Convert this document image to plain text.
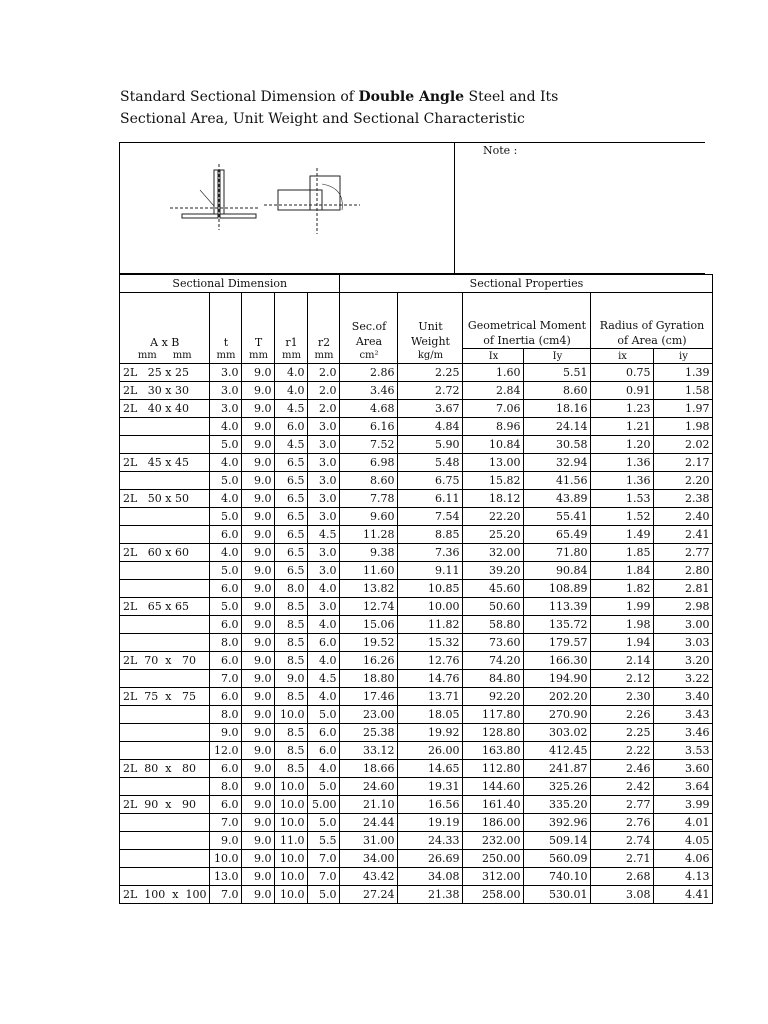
Standard Sectional Dimension of Double Angle Steel and Its
Sectional Area, Unit Weight and Sectional Characteristic
Note :
Sectional Dimension					Sectional Properties					
A x B	t	T	r1	r2	Sec.of Area	Unit Weight	Geometrical Moment of Inertia (cm4)		Radius of Gyration of Area (cm)	
mm mm	mm	mm	mm	mm	cm²	kg/m	Ix	Iy	ix	iy
2L   25 x 25	3.0	9.0	4.0	2.0	2.86	2.25	1.60	5.51	0.75	1.39
2L   30 x 30	3.0	9.0	4.0	2.0	3.46	2.72	2.84	8.60	0.91	1.58
2L   40 x 40	3.0	9.0	4.5	2.0	4.68	3.67	7.06	18.16	1.23	1.97
	4.0	9.0	6.0	3.0	6.16	4.84	8.96	24.14	1.21	1.98
	5.0	9.0	4.5	3.0	7.52	5.90	10.84	30.58	1.20	2.02
2L   45 x 45	4.0	9.0	6.5	3.0	6.98	5.48	13.00	32.94	1.36	2.17
	5.0	9.0	6.5	3.0	8.60	6.75	15.82	41.56	1.36	2.20
2L   50 x 50	4.0	9.0	6.5	3.0	7.78	6.11	18.12	43.89	1.53	2.38
	5.0	9.0	6.5	3.0	9.60	7.54	22.20	55.41	1.52	2.40
	6.0	9.0	6.5	4.5	11.28	8.85	25.20	65.49	1.49	2.41
2L   60 x 60	4.0	9.0	6.5	3.0	9.38	7.36	32.00	71.80	1.85	2.77
	5.0	9.0	6.5	3.0	11.60	9.11	39.20	90.84	1.84	2.80
	6.0	9.0	8.0	4.0	13.82	10.85	45.60	108.89	1.82	2.81
2L   65 x 65	5.0	9.0	8.5	3.0	12.74	10.00	50.60	113.39	1.99	2.98
	6.0	9.0	8.5	4.0	15.06	11.82	58.80	135.72	1.98	3.00
	8.0	9.0	8.5	6.0	19.52	15.32	73.60	179.57	1.94	3.03
2L  70  x   70	6.0	9.0	8.5	4.0	16.26	12.76	74.20	166.30	2.14	3.20
	7.0	9.0	9.0	4.5	18.80	14.76	84.80	194.90	2.12	3.22
2L  75  x   75	6.0	9.0	8.5	4.0	17.46	13.71	92.20	202.20	2.30	3.40
	8.0	9.0	10.0	5.0	23.00	18.05	117.80	270.90	2.26	3.43
	9.0	9.0	8.5	6.0	25.38	19.92	128.80	303.02	2.25	3.46
	12.0	9.0	8.5	6.0	33.12	26.00	163.80	412.45	2.22	3.53
2L  80  x   80	6.0	9.0	8.5	4.0	18.66	14.65	112.80	241.87	2.46	3.60
	8.0	9.0	10.0	5.0	24.60	19.31	144.60	325.26	2.42	3.64
2L  90  x   90	6.0	9.0	10.0	5.00	21.10	16.56	161.40	335.20	2.77	3.99
	7.0	9.0	10.0	5.0	24.44	19.19	186.00	392.96	2.76	4.01
	9.0	9.0	11.0	5.5	31.00	24.33	232.00	509.14	2.74	4.05
	10.0	9.0	10.0	7.0	34.00	26.69	250.00	560.09	2.71	4.06
	13.0	9.0	10.0	7.0	43.42	34.08	312.00	740.10	2.68	4.13
2L  100  x  100	7.0	9.0	10.0	5.0	27.24	21.38	258.00	530.01	3.08	4.41
